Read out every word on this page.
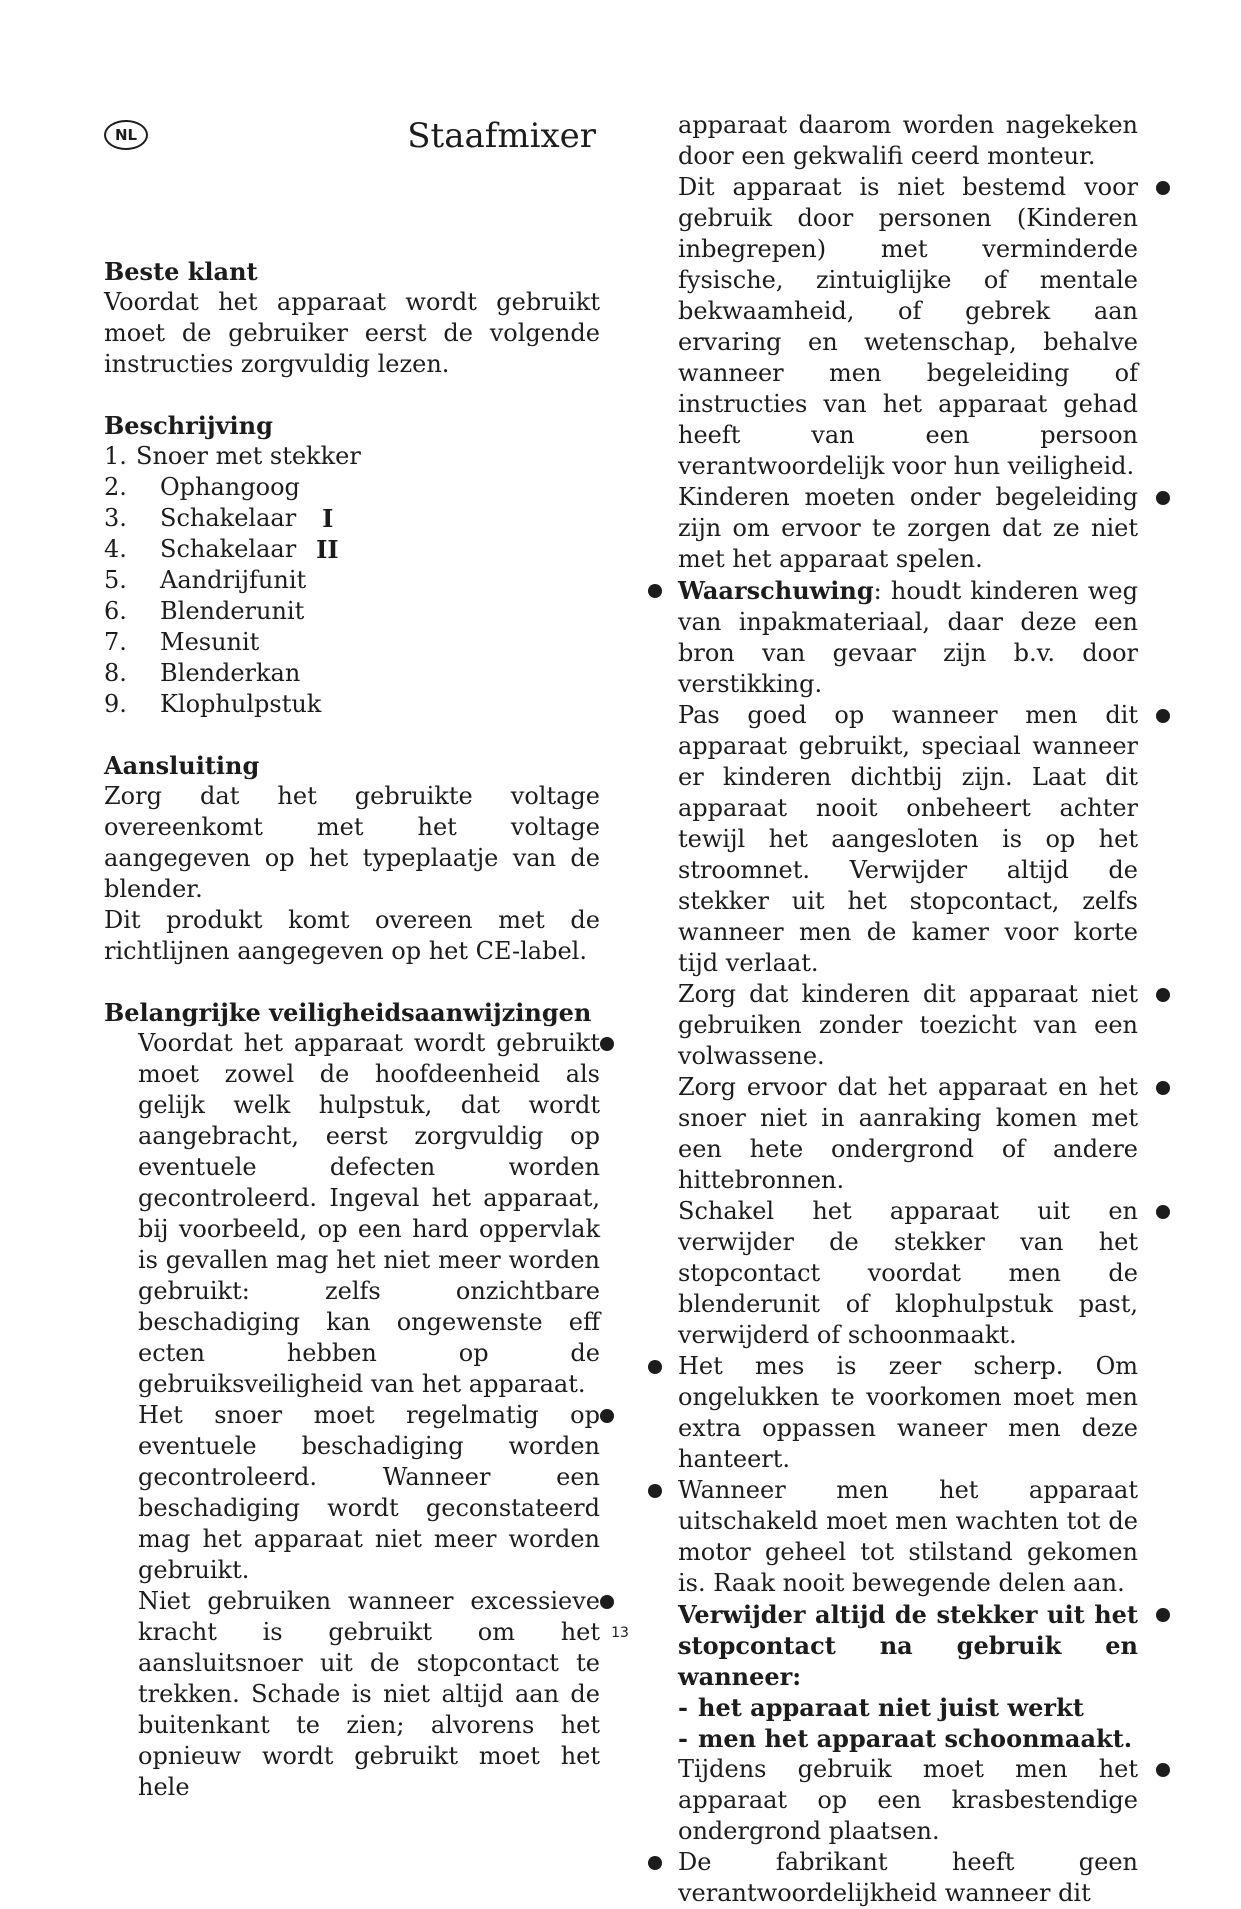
NL	Staafmixer
Beste klant
Voordat het apparaat wordt gebruikt moet de gebruiker eerst de volgende instructies zorgvuldig lezen.
Beschrijving
1. Snoer met stekker
2.	Ophangoog
3.	Schakelaar I
4.	Schakelaar II
5.	Aandrijfunit
6.	Blenderunit
7.	Mesunit
8.	Blenderkan
9.	Klophulpstuk
Aansluiting
Zorg dat het gebruikte voltage overeenkomt met het voltage aangegeven op het typeplaatje van de blender.
Dit produkt komt overeen met de richtlijnen aangegeven op het CE-label.
Belangrijke veiligheidsaanwijzingen
Voordat het apparaat wordt gebruikt moet zowel de hoofdeenheid als gelijk welk hulpstuk, dat wordt aangebracht, eerst zorgvuldig op eventuele defecten worden gecontroleerd. Ingeval het apparaat, bij voorbeeld, op een hard oppervlak is gevallen mag het niet meer worden gebruikt: zelfs onzichtbare beschadiging kan ongewenste eff ecten hebben op de gebruiksveiligheid van het apparaat.
Het snoer moet regelmatig op eventuele beschadiging worden gecontroleerd. Wanneer een beschadiging wordt geconstateerd mag het apparaat niet meer worden gebruikt.
Niet gebruiken wanneer excessieve kracht is gebruikt om het aansluitsnoer uit de stopcontact te trekken. Schade is niet altijd aan de buitenkant te zien; alvorens het opnieuw wordt gebruikt moet het hele
apparaat daarom worden nagekeken door een gekwalifi ceerd monteur.
Dit apparaat is niet bestemd voor gebruik door personen (Kinderen inbegrepen) met verminderde fysische, zintuiglijke of mentale bekwaamheid, of gebrek aan ervaring en wetenschap, behalve wanneer men begeleiding of instructies van het apparaat gehad heeft van een persoon verantwoordelijk voor hun veiligheid.
Kinderen moeten onder begeleiding zijn om ervoor te zorgen dat ze niet met het apparaat spelen.
Waarschuwing: houdt kinderen weg van inpakmateriaal, daar deze een bron van gevaar zijn b.v. door verstikking.
Pas goed op wanneer men dit apparaat gebruikt, speciaal wanneer er kinderen dichtbij zijn. Laat dit apparaat nooit onbeheert achter tewijl het aangesloten is op het stroomnet. Verwijder altijd de stekker uit het stopcontact, zelfs wanneer men de kamer voor korte tijd verlaat.
Zorg dat kinderen dit apparaat niet gebruiken zonder toezicht van een volwassene.
Zorg ervoor dat het apparaat en het snoer niet in aanraking komen met een hete ondergrond of andere hittebronnen.
Schakel het apparaat uit en verwijder de stekker van het stopcontact voordat men de blenderunit of klophulpstuk past, verwijderd of schoonmaakt.
Het mes is zeer scherp. Om ongelukken te voorkomen moet men extra oppassen waneer men deze hanteert.
Wanneer men het apparaat uitschakeld moet men wachten tot de motor geheel tot stilstand gekomen is. Raak nooit bewegende delen aan.
Verwijder altijd de stekker uit het stopcontact na gebruik en wanneer:
- het apparaat niet juist werkt
- men het apparaat schoonmaakt.
Tijdens gebruik moet men het apparaat op een krasbestendige ondergrond plaatsen.
De fabrikant heeft geen verantwoordelijkheid wanneer dit
13
